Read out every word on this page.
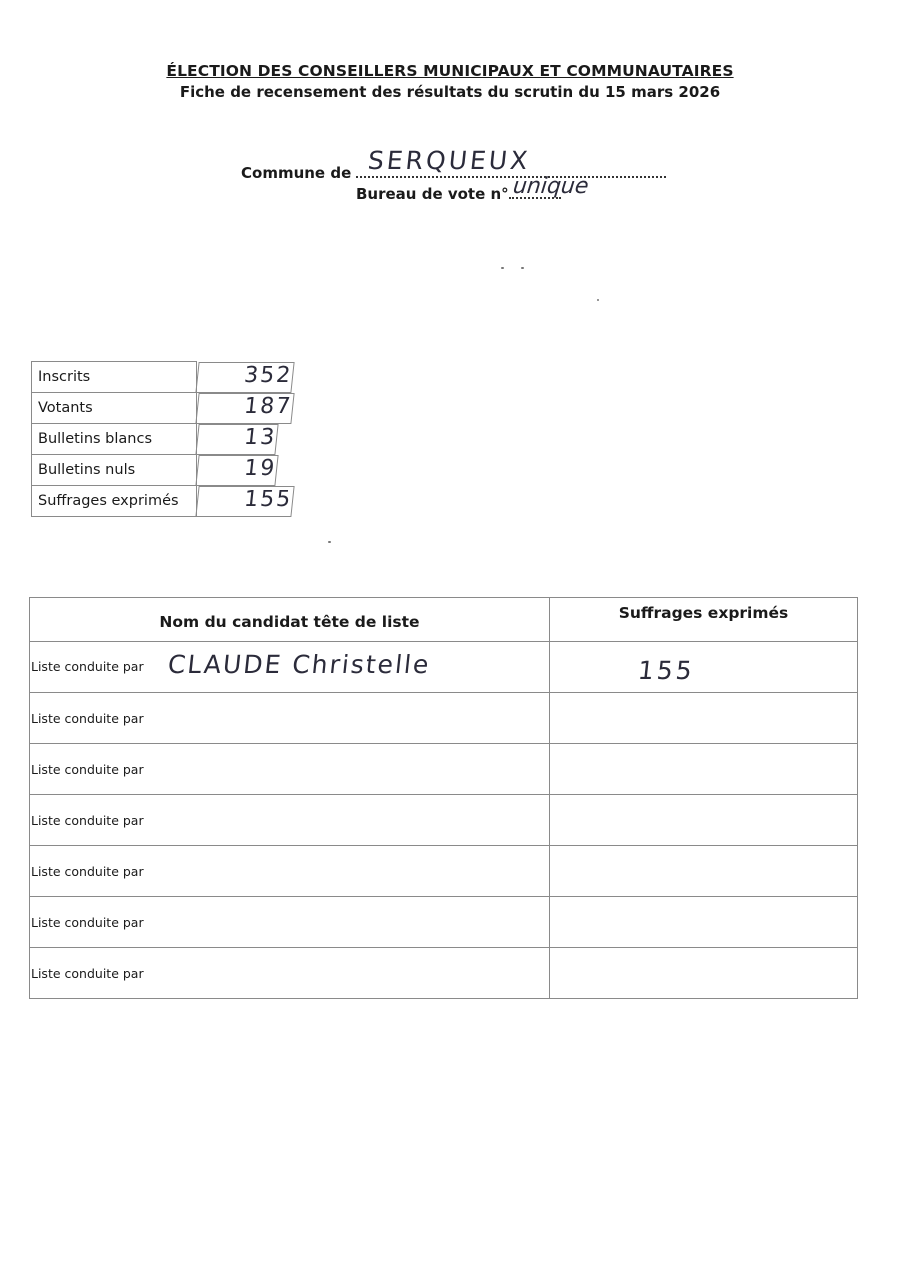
ÉLECTION DES CONSEILLERS MUNICIPAUX ET COMMUNAUTAIRES
Fiche de recensement des résultats du scrutin du 15 mars 2026
Commune de SERQUEUX
Bureau de vote n° unique
Inscrits		352
Votants		187
Bulletins blancs		13
Bulletins nuls		19
Suffrages exprimés		155
Nom du candidat tête de liste	Suffrages exprimés
Liste conduite par CLAUDE Christelle	155
Liste conduite par	
Liste conduite par	
Liste conduite par	
Liste conduite par	
Liste conduite par	
Liste conduite par	
